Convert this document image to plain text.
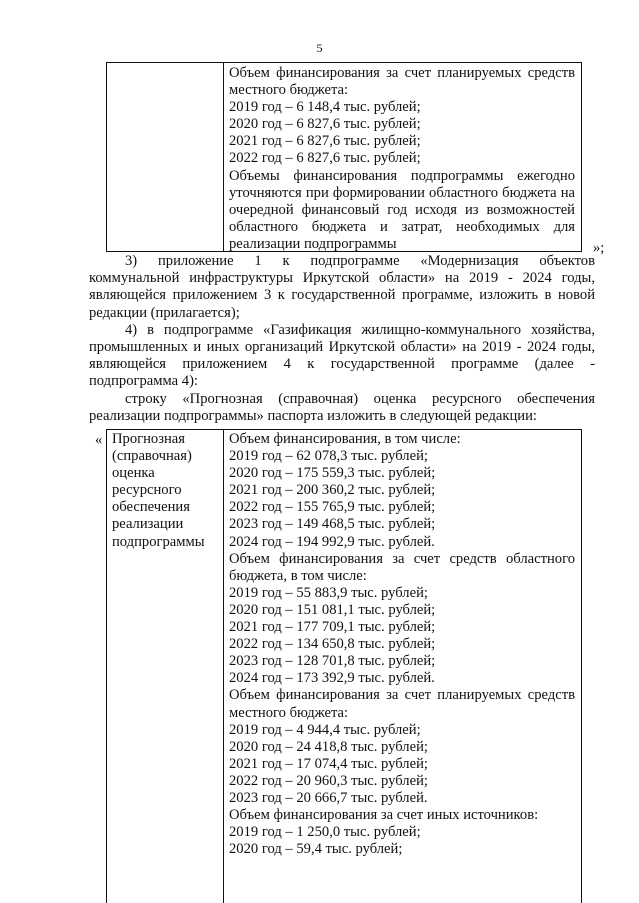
5
Объем финансирования за счет планируемых средств
местного бюджета:
2019 год – 6 148,4 тыс. рублей;
2020 год – 6 827,6 тыс. рублей;
2021 год – 6 827,6 тыс. рублей;
2022 год – 6 827,6 тыс. рублей;
Объемы финансирования подпрограммы ежегодно
уточняются при формировании областного бюджета на
очередной финансовый год исходя из возможностей
областного бюджета и затрат, необходимых для
реализации подпрограммы	»;
3) приложение 1 к подпрограмме «Модернизация объектов
коммунальной инфраструктуры Иркутской области» на 2019 - 2024 годы,
являющейся приложением 3 к государственной программе, изложить в новой
редакции (прилагается);
4) в подпрограмме «Газификация жилищно-коммунального хозяйства,
промышленных и иных организаций Иркутской области» на 2019 - 2024 годы,
являющейся приложением 4 к государственной программе (далее -
подпрограмма 4):
строку «Прогнозная (справочная) оценка ресурсного обеспечения
реализации подпрограммы» паспорта изложить в следующей редакции:
« Прогнозная
(справочная)
оценка
ресурсного
обеспечения
реализации
подпрограммы
Объем финансирования, в том числе:
2019 год – 62 078,3 тыс. рублей;
2020 год – 175 559,3 тыс. рублей;
2021 год – 200 360,2 тыс. рублей;
2022 год – 155 765,9 тыс. рублей;
2023 год – 149 468,5 тыс. рублей;
2024 год – 194 992,9 тыс. рублей.
Объем финансирования за счет средств областного
бюджета, в том числе:
2019 год – 55 883,9 тыс. рублей;
2020 год – 151 081,1 тыс. рублей;
2021 год – 177 709,1 тыс. рублей;
2022 год – 134 650,8 тыс. рублей;
2023 год – 128 701,8 тыс. рублей;
2024 год – 173 392,9 тыс. рублей.
Объем финансирования за счет планируемых средств
местного бюджета:
2019 год – 4 944,4 тыс. рублей;
2020 год – 24 418,8 тыс. рублей;
2021 год – 17 074,4 тыс. рублей;
2022 год – 20 960,3 тыс. рублей;
2023 год – 20 666,7 тыс. рублей.
Объем финансирования за счет иных источников:
2019 год – 1 250,0 тыс. рублей;
2020 год – 59,4 тыс. рублей;
